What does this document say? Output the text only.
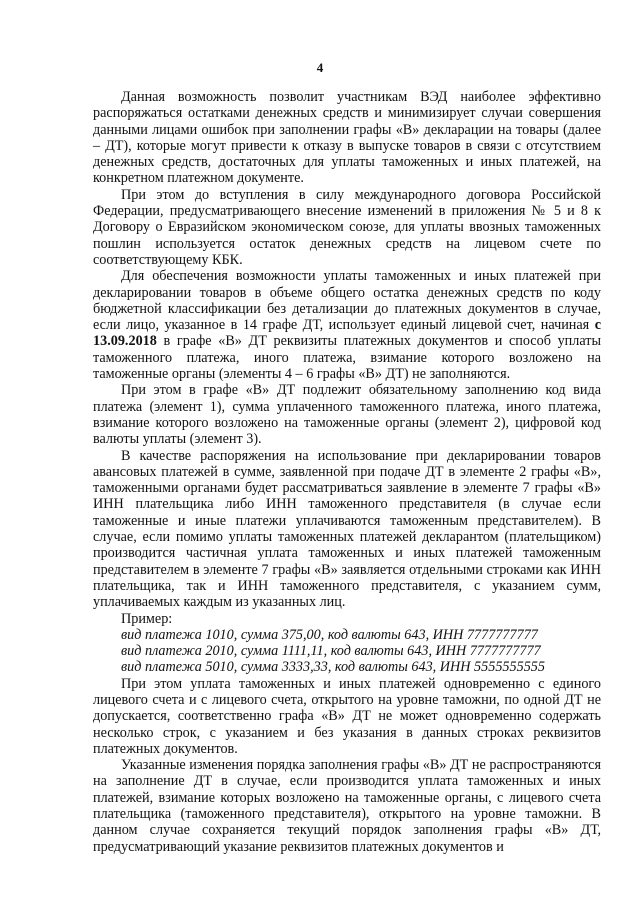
4

Данная возможность позволит участникам ВЭД наиболее эффективно распоряжаться остатками денежных средств и минимизирует случаи совершения данными лицами ошибок при заполнении графы «В» декларации на товары (далее – ДТ), которые могут привести к отказу в выпуске товаров в связи с отсутствием денежных средств, достаточных для уплаты таможенных и иных платежей, на конкретном платежном документе.

При этом до вступления в силу международного договора Российской Федерации, предусматривающего внесение изменений в приложения № 5 и 8 к Договору о Евразийском экономическом союзе, для уплаты ввозных таможенных пошлин используется остаток денежных средств на лицевом счете по соответствующему КБК.

Для обеспечения возможности уплаты таможенных и иных платежей при декларировании товаров в объеме общего остатка денежных средств по коду бюджетной классификации без детализации до платежных документов в случае, если лицо, указанное в 14 графе ДТ, использует единый лицевой счет, начиная с 13.09.2018 в графе «В» ДТ реквизиты платежных документов и способ уплаты таможенного платежа, иного платежа, взимание которого возложено на таможенные органы (элементы 4 – 6 графы «В» ДТ) не заполняются.

При этом в графе «В» ДТ подлежит обязательному заполнению код вида платежа (элемент 1), сумма уплаченного таможенного платежа, иного платежа, взимание которого возложено на таможенные органы (элемент 2), цифровой код валюты уплаты (элемент 3).

В качестве распоряжения на использование при декларировании товаров авансовых платежей в сумме, заявленной при подаче ДТ в элементе 2 графы «В», таможенными органами будет рассматриваться заявление в элементе 7 графы «В» ИНН плательщика либо ИНН таможенного представителя (в случае если таможенные и иные платежи уплачиваются таможенным представителем). В случае, если помимо уплаты таможенных платежей декларантом (плательщиком) производится частичная уплата таможенных и иных платежей таможенным представителем в элементе 7 графы «В» заявляется отдельными строками как ИНН плательщика, так и ИНН таможенного представителя, с указанием сумм, уплачиваемых каждым из указанных лиц.

Пример:

вид платежа 1010, сумма 375,00, код валюты 643, ИНН 7777777777

вид платежа 2010, сумма 1111,11, код валюты 643, ИНН 7777777777

вид платежа 5010, сумма 3333,33, код валюты 643, ИНН 5555555555

При этом уплата таможенных и иных платежей одновременно с единого лицевого счета и с лицевого счета, открытого на уровне таможни, по одной ДТ не допускается, соответственно графа «В» ДТ не может одновременно содержать несколько строк, с указанием и без указания в данных строках реквизитов платежных документов.

Указанные изменения порядка заполнения графы «В» ДТ не распространяются на заполнение ДТ в случае, если производится уплата таможенных и иных платежей, взимание которых возложено на таможенные органы, с лицевого счета плательщика (таможенного представителя), открытого на уровне таможни. В данном случае сохраняется текущий порядок заполнения графы «В» ДТ, предусматривающий указание реквизитов платежных документов и
